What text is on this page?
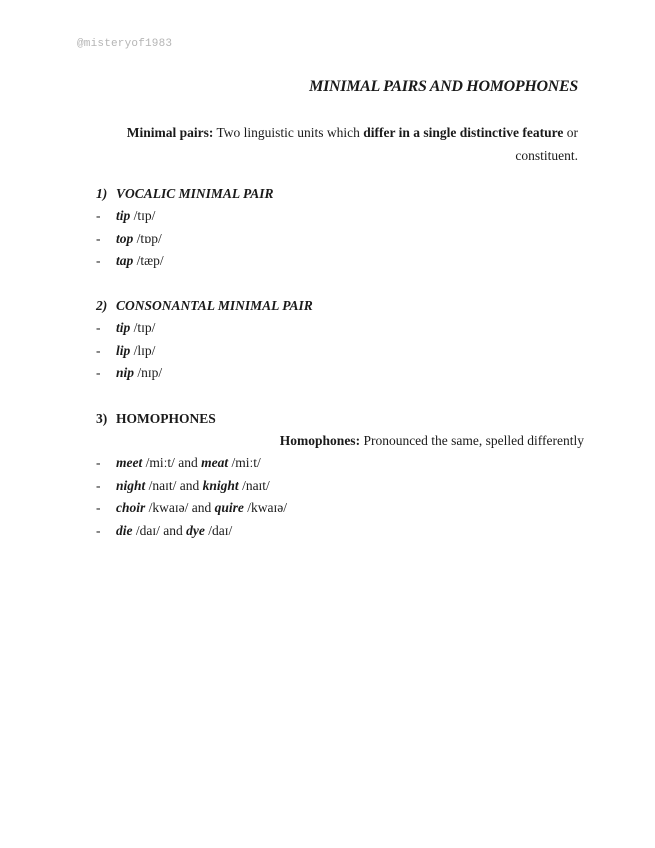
@misteryof1983
MINIMAL PAIRS AND HOMOPHONES
Minimal pairs: Two linguistic units which differ in a single distinctive feature or constituent.
1) VOCALIC MINIMAL PAIR
- tip /tɪp/
- top /tɒp/
- tap /tæp/
2) CONSONANTAL MINIMAL PAIR
- tip /tɪp/
- lip /lɪp/
- nip /nɪp/
3) HOMOPHONES
Homophones: Pronounced the same, spelled differently
- meet /miːt/ and meat /miːt/
- night /naɪt/ and knight /naɪt/
- choir /kwaɪə/ and quire /kwaɪə/
- die /daɪ/ and dye /daɪ/
